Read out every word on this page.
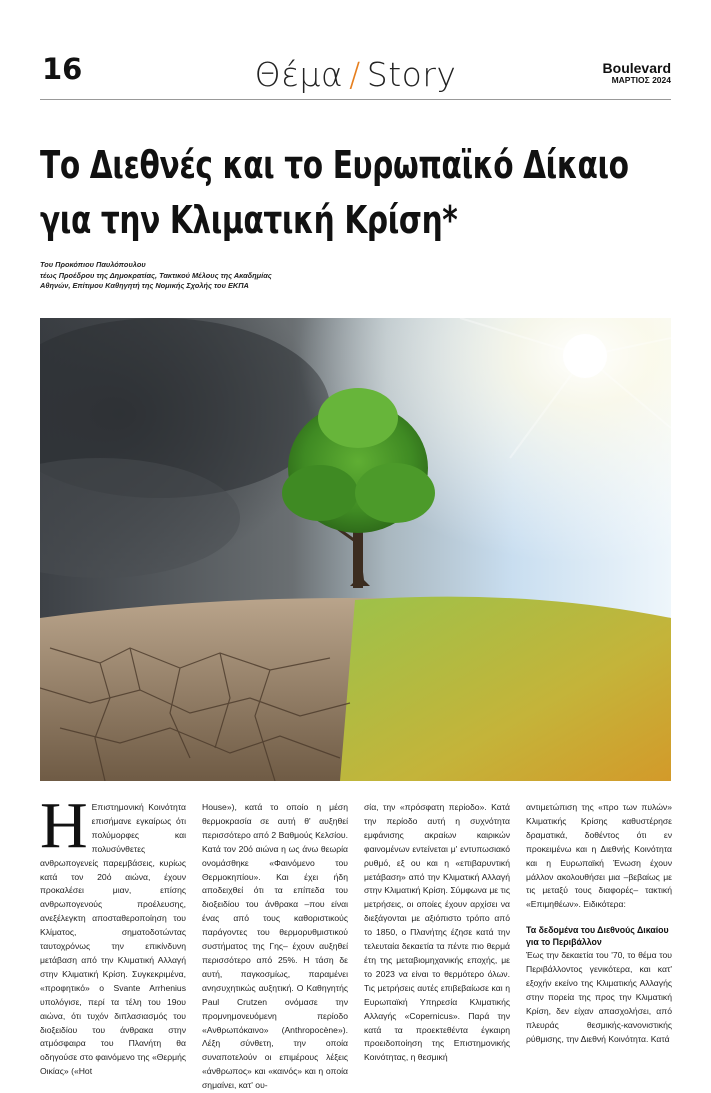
16	Θέμα / Story	Boulevard
ΜΑΡΤΙΟΣ 2024
Το Διεθνές και το Ευρωπαϊκό Δίκαιο
για την Κλιματική Κρίση*
Του Προκόπιου Παυλόπουλου
τέως Προέδρου της Δημοκρατίας, Τακτικού Μέλους της Ακαδημίας
Αθηνών, Επίτιμου Καθηγητή της Νομικής Σχολής του ΕΚΠΑ
Η Επιστημονική Κοινότητα επισήμανε εγκαίρως ότι πολύμορφες και πολυσύνθετες ανθρωπογενείς παρεμβάσεις, κυρίως κατά τον 20ό αιώνα, έχουν προκαλέσει μιαν, επίσης ανθρωπογενούς προέλευσης, ανεξέλεγκτη αποσταθεροποίηση του Κλίματος, σηματοδοτώντας ταυτοχρόνως την επικίνδυνη μετάβαση από την Κλιματική Αλλαγή στην Κλιματική Κρίση. Συγκεκριμένα, «προφητικό» ο Svante Arrhenius υπολόγισε, περί τα τέλη του 19ου αιώνα, ότι τυχόν διπλασιασμός του διοξειδίου του άνθρακα στην ατμόσφαιρα του Πλανήτη θα οδηγούσε στο φαινόμενο της «Θερμής Οικίας» («Hot

House»), κατά το οποίο η μέση θερμοκρασία σε αυτή θ' αυξηθεί περισσότερο από 2 Βαθμούς Κελσίου. Κατά τον 20ό αιώνα η ως άνω θεωρία ονομάσθηκε «Φαινόμενο του Θερμοκηπίου». Και έχει ήδη αποδειχθεί ότι τα επίπεδα του διοξειδίου του άνθρακα –που είναι ένας από τους καθοριστικούς παράγοντες του θερμορυθμιστικού συστήματος της Γης– έχουν αυξηθεί περισσότερο από 25%. Η τάση δε αυτή, παγκοσμίως, παραμένει ανησυχητικώς αυξητική. Ο Καθηγητής Paul Crutzen ονόμασε την προμνημονευόμενη περίοδο «Ανθρωπόκαινο» (Anthropocène»). Λέξη σύνθετη, την οποία συναποτελούν οι επιμέρους λέξεις «άνθρωπος» και «καινός» και η οποία σημαίνει, κατ' ου-

σία, την «πρόσφατη περίοδο». Κατά την περίοδο αυτή η συχνότητα εμφάνισης ακραίων καιρικών φαινομένων εντείνεται μ' εντυπωσιακό ρυθμό, εξ ου και η «επιβαρυντική μετάβαση» από την Κλιματική Αλλαγή στην Κλιματική Κρίση. Σύμφωνα με τις μετρήσεις, οι οποίες έχουν αρχίσει να διεξάγονται με αξιόπιστο τρόπο από το 1850, ο Πλανήτης έζησε κατά την τελευταία δεκαετία τα πέντε πιο θερμά έτη της μεταβιομηχανικής εποχής, με το 2023 να είναι το θερμότερο όλων. Τις μετρήσεις αυτές επιβεβαίωσε και η Ευρωπαϊκή Υπηρεσία Κλιματικής Αλλαγής «Copernicus». Παρά την κατά τα προεκτεθέντα έγκαιρη προειδοποίηση της Επιστημονικής Κοινότητας, η θεσμική

αντιμετώπιση της «προ των πυλών» Κλιματικής Κρίσης καθυστέρησε δραματικά, δοθέντος ότι εν προκειμένω και η Διεθνής Κοινότητα και η Ευρωπαϊκή Ένωση έχουν μάλλον ακολουθήσει μια –βεβαίως με τις μεταξύ τους διαφορές– τακτική «Επιμηθέων». Ειδικότερα:

Τα δεδομένα του Διεθνούς Δικαίου για το Περιβάλλον

Έως την δεκαετία του '70, το θέμα του Περιβάλλοντος γενικότερα, και κατ' εξοχήν εκείνο της Κλιματικής Αλλαγής στην πορεία της προς την Κλιματική Κρίση, δεν είχαν απασχολήσει, από πλευράς θεσμικής-κανονιστικής ρύθμισης, την Διεθνή Κοινότητα. Κατά
